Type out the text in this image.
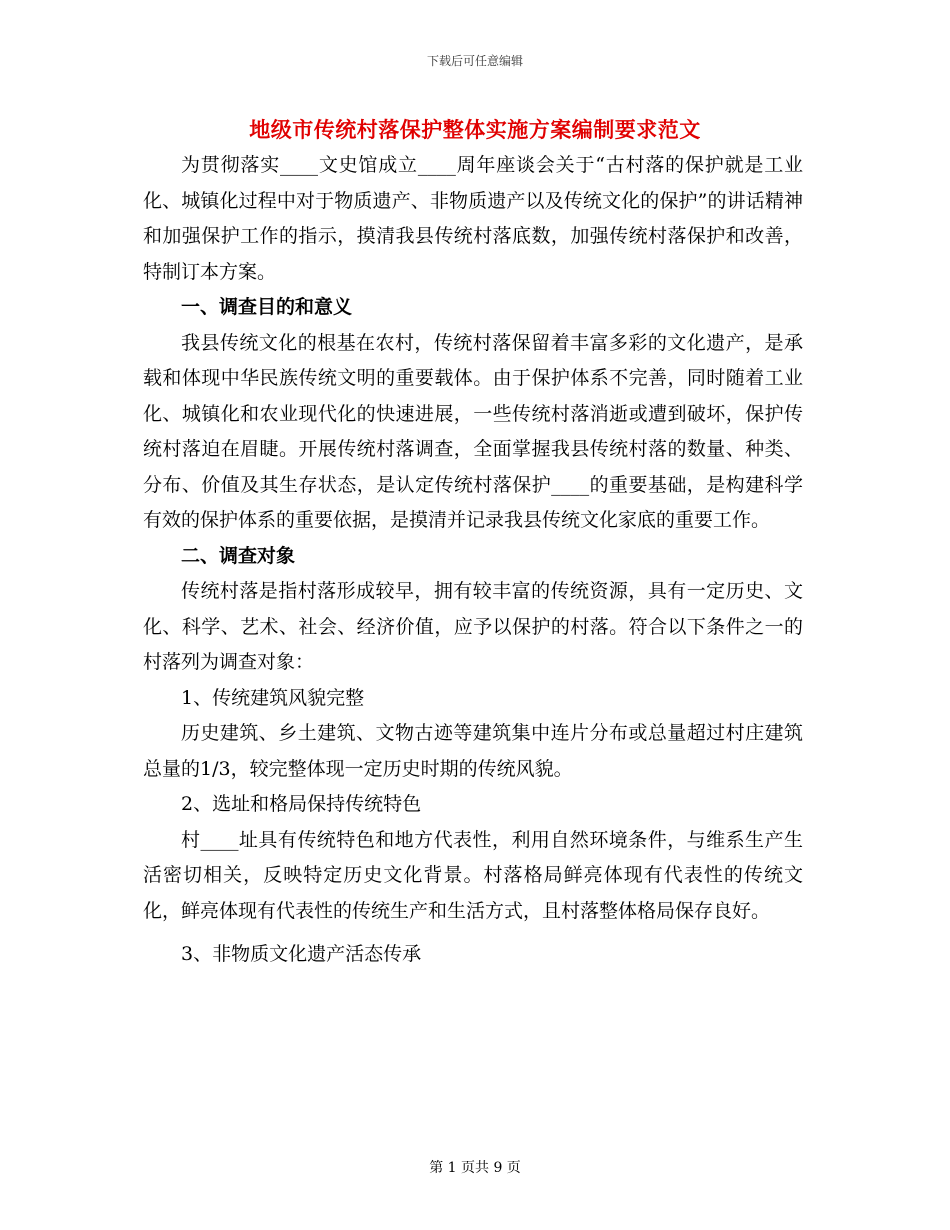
下载后可任意编辑
地级市传统村落保护整体实施方案编制要求范文

为贯彻落实____文史馆成立____周年座谈会关于“古村落的保护就是工业化、城镇化过程中对于物质遗产、非物质遗产以及传统文化的保护”的讲话精神和加强保护工作的指示，摸清我县传统村落底数，加强传统村落保护和改善，特制订本方案。

一、调查目的和意义

我县传统文化的根基在农村，传统村落保留着丰富多彩的文化遗产，是承载和体现中华民族传统文明的重要载体。由于保护体系不完善，同时随着工业化、城镇化和农业现代化的快速进展，一些传统村落消逝或遭到破坏，保护传统村落迫在眉睫。开展传统村落调查，全面掌握我县传统村落的数量、种类、分布、价值及其生存状态，是认定传统村落保护____的重要基础，是构建科学有效的保护体系的重要依据，是摸清并记录我县传统文化家底的重要工作。

二、调查对象

传统村落是指村落形成较早，拥有较丰富的传统资源，具有一定历史、文化、科学、艺术、社会、经济价值，应予以保护的村落。符合以下条件之一的村落列为调查对象：

1、传统建筑风貌完整

历史建筑、乡土建筑、文物古迹等建筑集中连片分布或总量超过村庄建筑总量的1/3，较完整体现一定历史时期的传统风貌。

2、选址和格局保持传统特色

村____址具有传统特色和地方代表性，利用自然环境条件，与维系生产生活密切相关，反映特定历史文化背景。村落格局鲜亮体现有代表性的传统文化，鲜亮体现有代表性的传统生产和生活方式，且村落整体格局保存良好。

3、非物质文化遗产活态传承

第 1 页共 9 页
